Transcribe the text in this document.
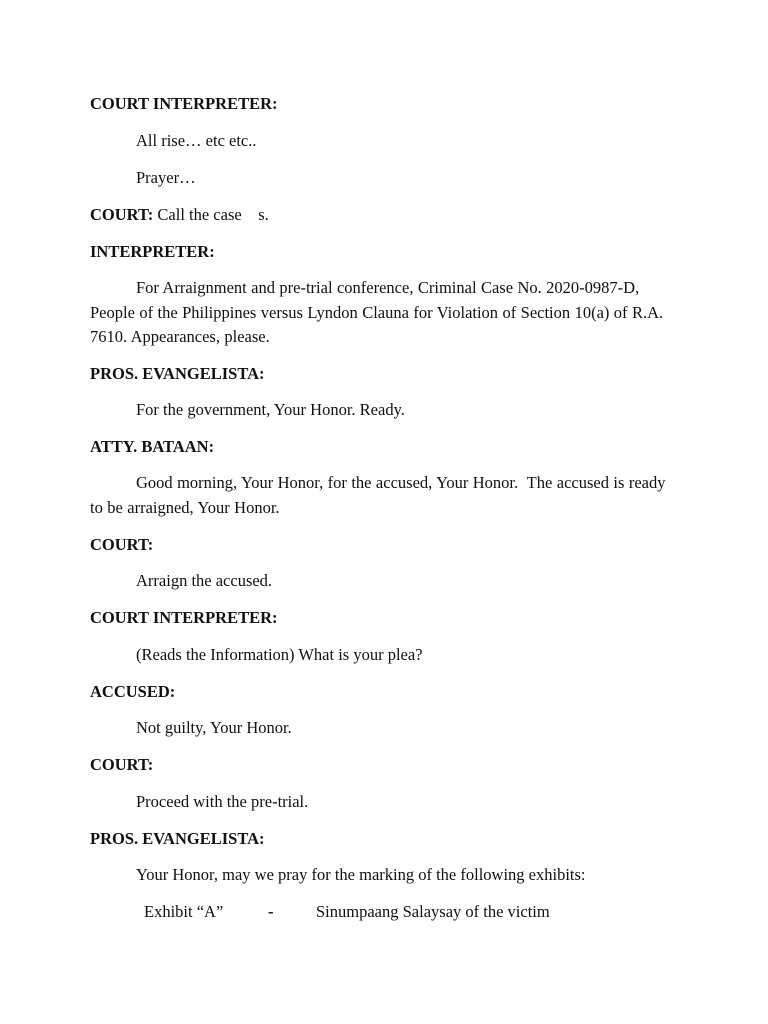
COURT INTERPRETER:
All rise… etc etc..
Prayer…
COURT: Call the case    s.
INTERPRETER:
For Arraignment and pre-trial conference, Criminal Case No. 2020-0987-D, People of the Philippines versus Lyndon Clauna for Violation of Section 10(a) of R.A. 7610. Appearances, please.
PROS. EVANGELISTA:
For the government, Your Honor. Ready.
ATTY. BATAAN:
Good morning, Your Honor, for the accused, Your Honor.  The accused is ready to be arraigned, Your Honor.
COURT:
Arraign the accused.
COURT INTERPRETER:
(Reads the Information) What is your plea?
ACCUSED:
Not guilty, Your Honor.
COURT:
Proceed with the pre-trial.
PROS. EVANGELISTA:
Your Honor, may we pray for the marking of the following exhibits:
Exhibit “A”	-	Sinumpaang Salaysay of the victim
